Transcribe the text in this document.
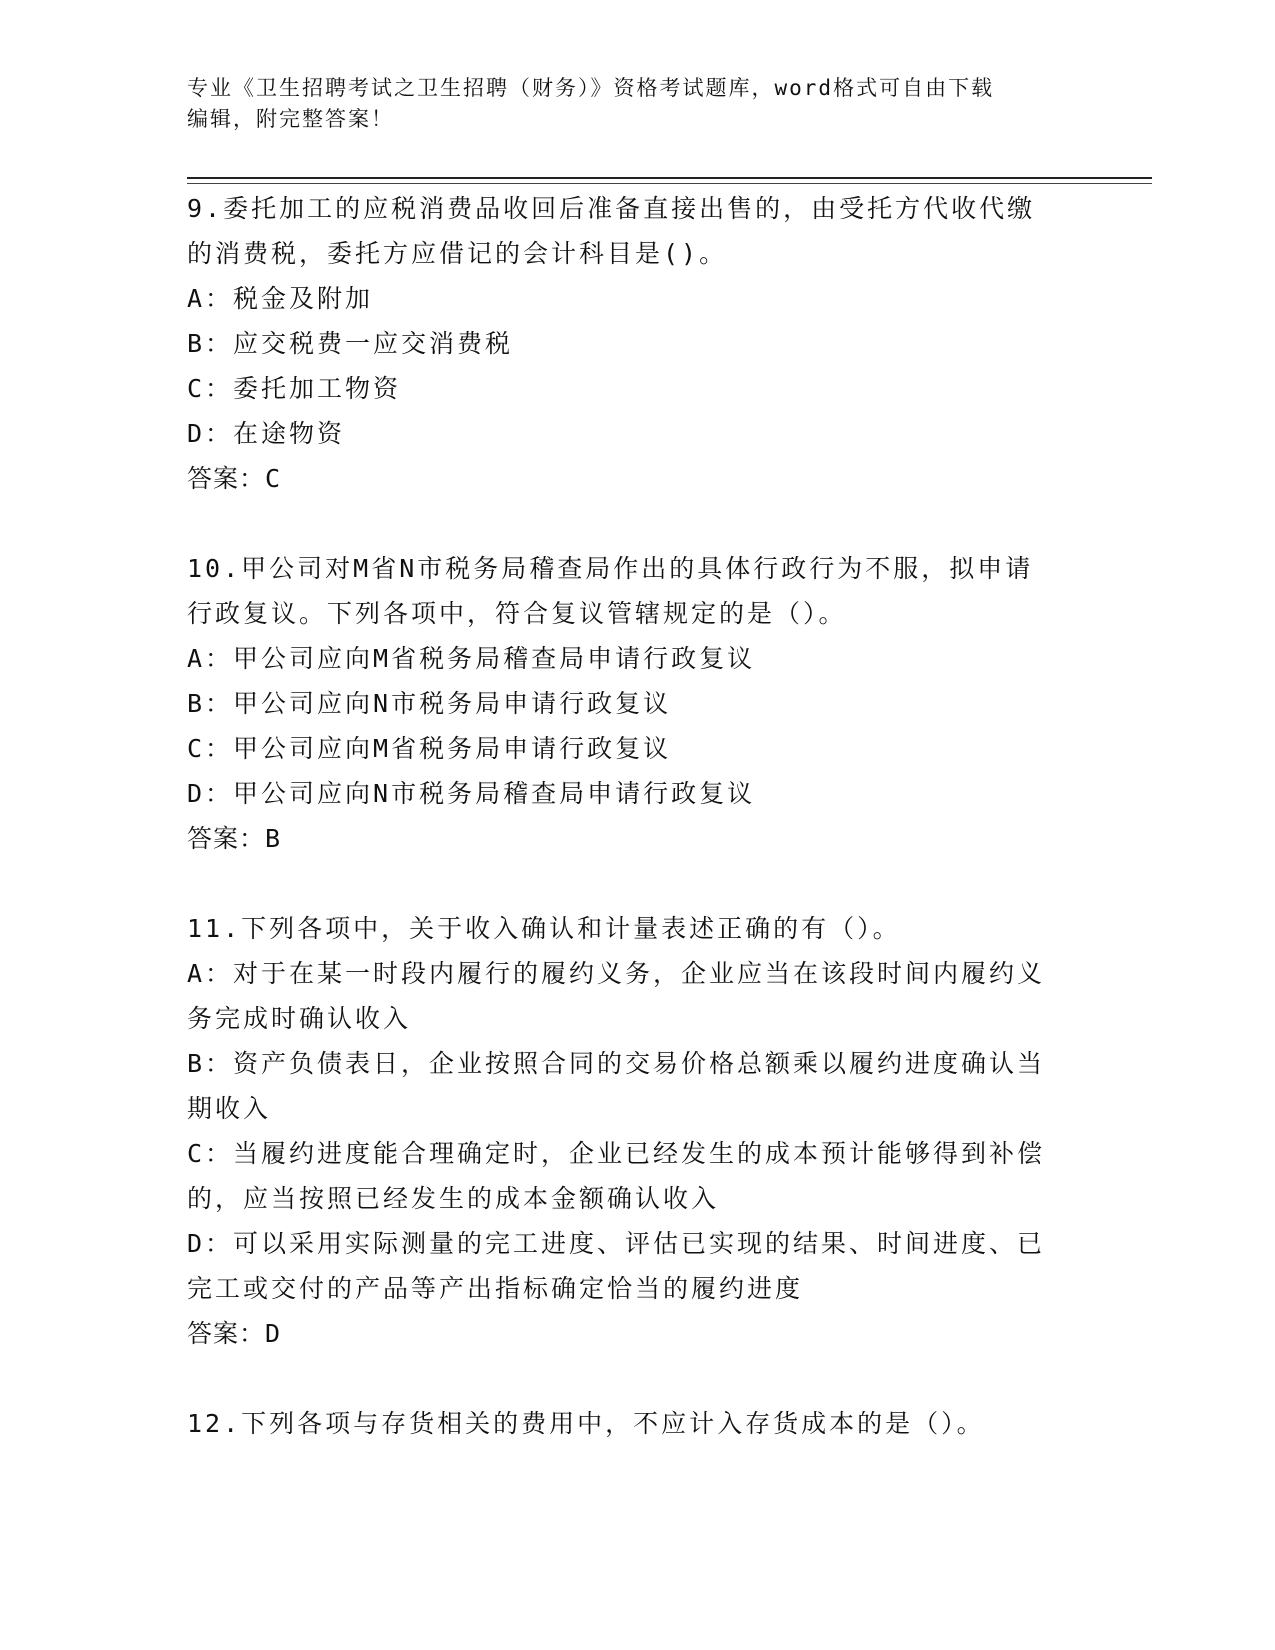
专业《卫生招聘考试之卫生招聘（财务）》资格考试题库，word格式可自由下载
编辑，附完整答案！

9.委托加工的应税消费品收回后准备直接出售的，由受托方代收代缴

的消费税，委托方应借记的会计科目是()。

A：税金及附加

B：应交税费一应交消费税

C：委托加工物资

D：在途物资

答案：C

10.甲公司对M省N市税务局稽查局作出的具体行政行为不服，拟申请

行政复议。下列各项中，符合复议管辖规定的是（）。

A：甲公司应向M省税务局稽查局申请行政复议

B：甲公司应向N市税务局申请行政复议

C：甲公司应向M省税务局申请行政复议

D：甲公司应向N市税务局稽查局申请行政复议

答案：B

11.下列各项中，关于收入确认和计量表述正确的有（）。

A：对于在某一时段内履行的履约义务，企业应当在该段时间内履约义

务完成时确认收入

B：资产负债表日，企业按照合同的交易价格总额乘以履约进度确认当

期收入

C：当履约进度能合理确定时，企业已经发生的成本预计能够得到补偿

的，应当按照已经发生的成本金额确认收入

D：可以采用实际测量的完工进度、评估已实现的结果、时间进度、已

完工或交付的产品等产出指标确定恰当的履约进度

答案：D

12.下列各项与存货相关的费用中，不应计入存货成本的是（）。
